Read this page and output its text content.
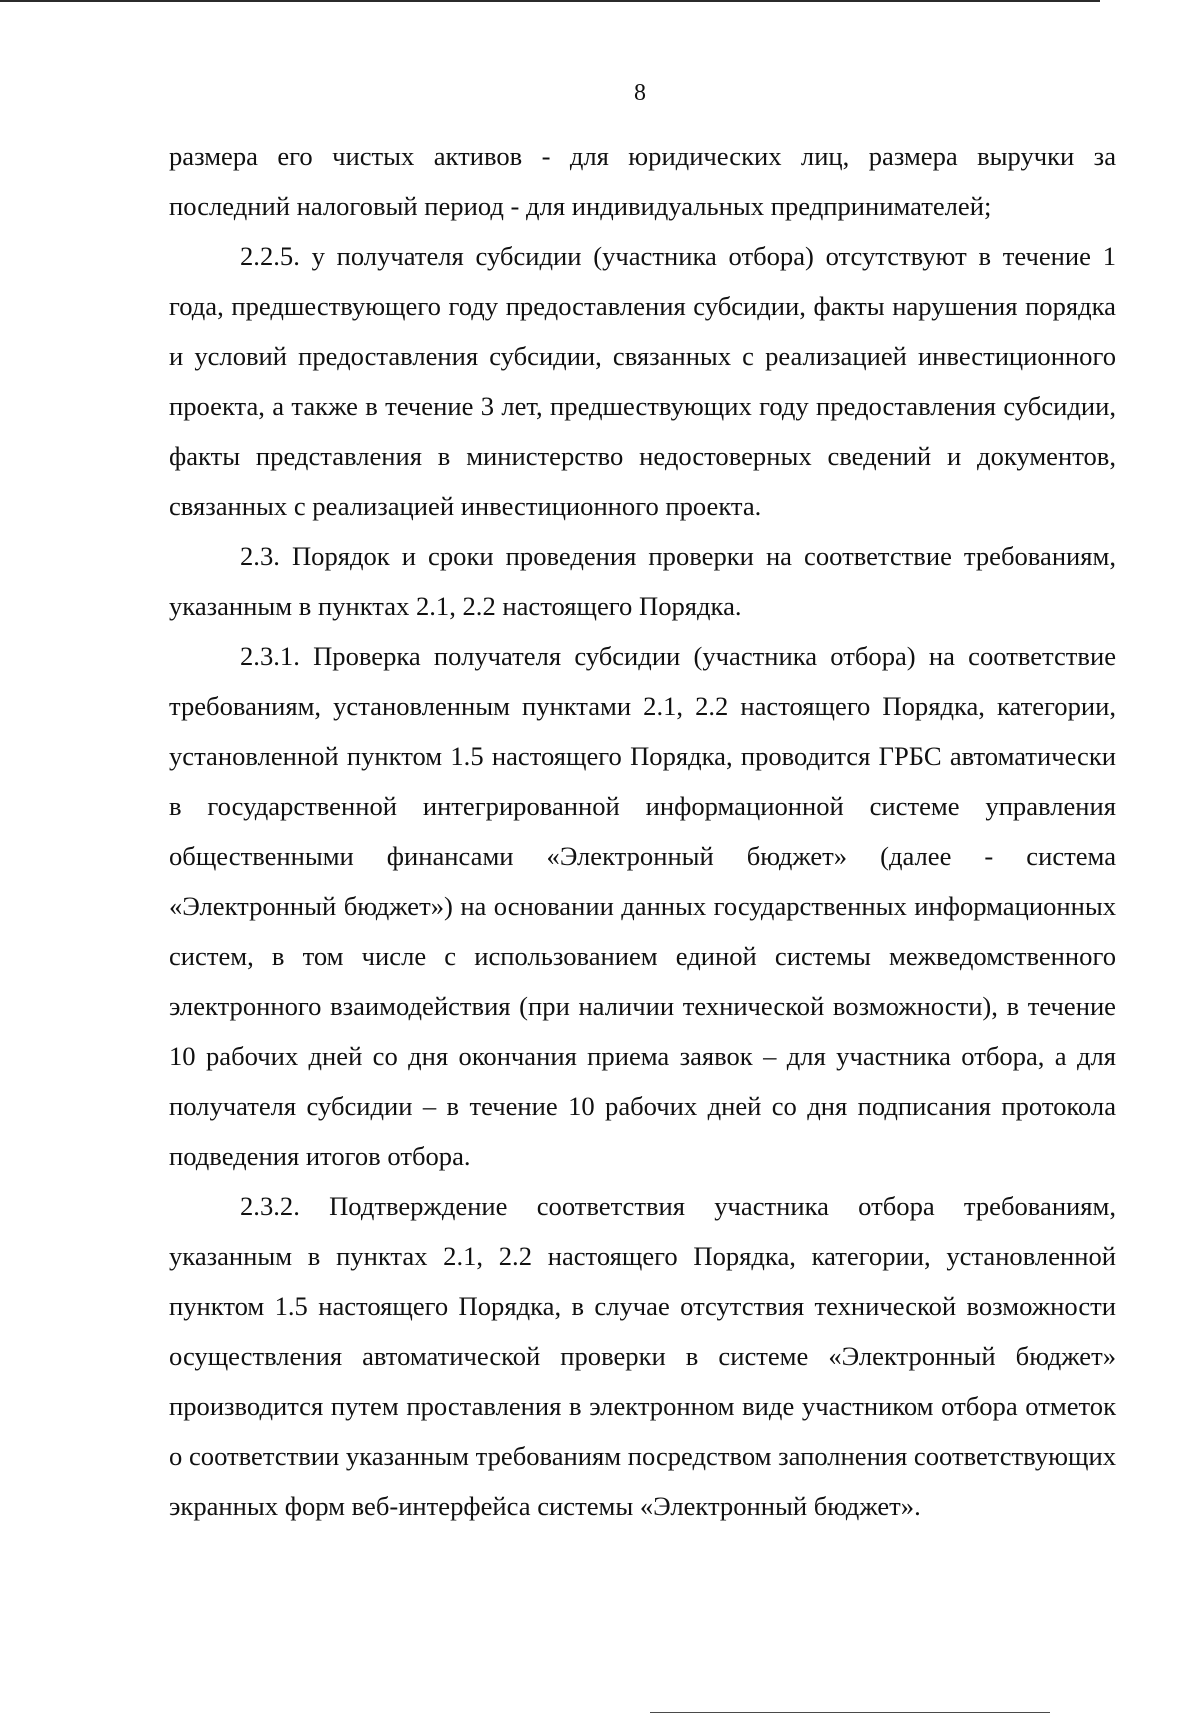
8

размера его чистых активов - для юридических лиц, размера выручки за последний налоговый период - для индивидуальных предпринимателей;

2.2.5. у получателя субсидии (участника отбора) отсутствуют в течение 1 года, предшествующего году предоставления субсидии, факты нарушения порядка и условий предоставления субсидии, связанных с реализацией инвестиционного проекта, а также в течение 3 лет, предшествующих году предоставления субсидии, факты представления в министерство недостоверных сведений и документов, связанных с реализацией инвестиционного проекта.

2.3. Порядок и сроки проведения проверки на соответствие требованиям, указанным в пунктах 2.1, 2.2 настоящего Порядка.

2.3.1. Проверка получателя субсидии (участника отбора) на соответствие требованиям, установленным пунктами 2.1, 2.2 настоящего Порядка, категории, установленной пунктом 1.5 настоящего Порядка, проводится ГРБС автоматически в государственной интегрированной информационной системе управления общественными финансами «Электронный бюджет» (далее - система «Электронный бюджет») на основании данных государственных информационных систем, в том числе с использованием единой системы межведомственного электронного взаимодействия (при наличии технической возможности), в течение 10 рабочих дней со дня окончания приема заявок – для участника отбора, а для получателя субсидии – в течение 10 рабочих дней со дня подписания протокола подведения итогов отбора.

2.3.2. Подтверждение соответствия участника отбора требованиям, указанным в пунктах 2.1, 2.2 настоящего Порядка, категории, установленной пунктом 1.5 настоящего Порядка, в случае отсутствия технической возможности осуществления автоматической проверки в системе «Электронный бюджет» производится путем проставления в электронном виде участником отбора отметок о соответствии указанным требованиям посредством заполнения соответствующих экранных форм веб-интерфейса системы «Электронный бюджет».
